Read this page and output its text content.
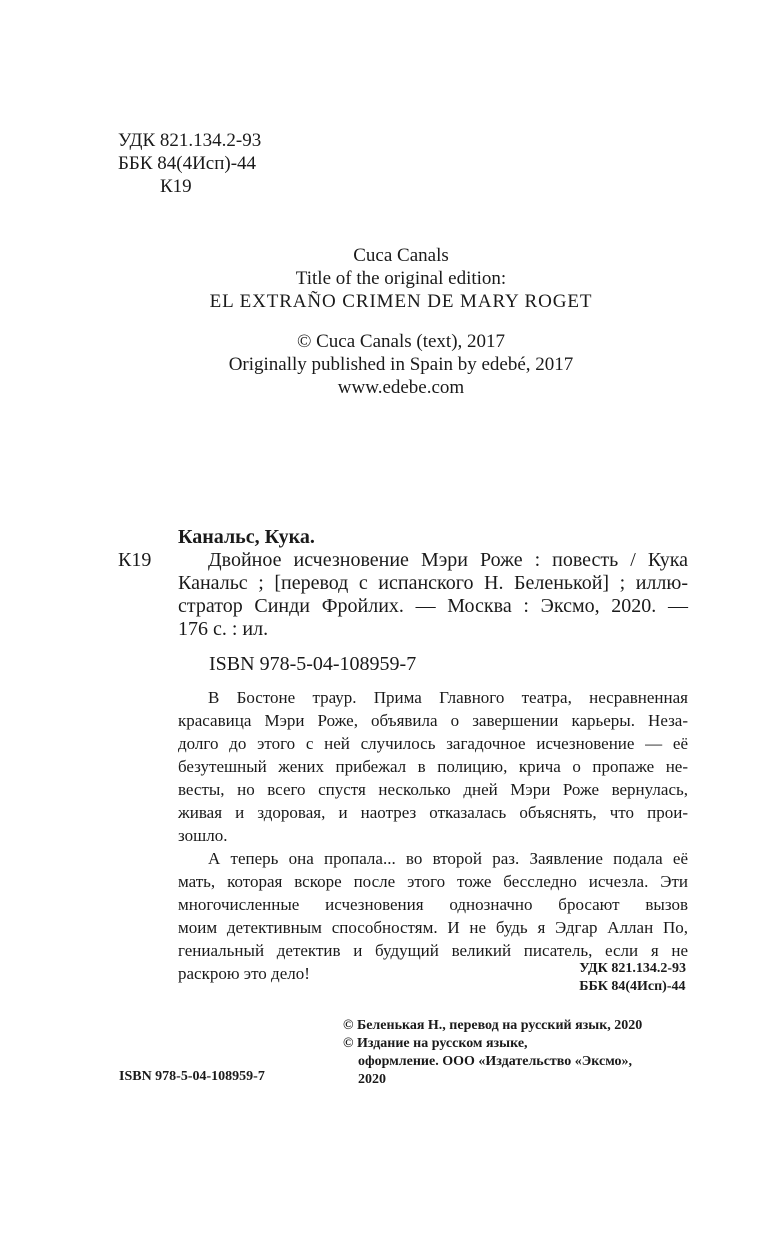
УДК 821.134.2-93
ББК 84(4Исп)-44
К19
Cuca Canals
Title of the original edition:
EL EXTRAÑO CRIMEN DE MARY ROGET
© Cuca Canals (text), 2017
Originally published in Spain by edebé, 2017
www.edebe.com
Канальс, Кука.
К19	Двойное исчезновение Мэри Роже : повесть / Кука
Канальс ; [перевод с испанского Н. Беленькой] ; иллю-
стратор Синди Фройлих. — Москва : Эксмо, 2020. —
176 с. : ил.
ISBN 978-5-04-108959-7
В Бостоне траур. Прима Главного театра, несравненная
красавица Мэри Роже, объявила о завершении карьеры. Неза-
долго до этого с ней случилось загадочное исчезновение — её
безутешный жених прибежал в полицию, крича о пропаже не-
весты, но всего спустя несколько дней Мэри Роже вернулась,
живая и здоровая, и наотрез отказалась объяснять, что прои-
зошло.
А теперь она пропала... во второй раз. Заявление подала её
мать, которая вскоре после этого тоже бесследно исчезла. Эти
многочисленные исчезновения однозначно бросают вызов
моим детективным способностям. И не будь я Эдгар Аллан По,
гениальный детектив и будущий великий писатель, если я не
раскрою это дело!	УДК 821.134.2-93
ББК 84(4Исп)-44
© Беленькая Н., перевод на русский язык, 2020
© Издание на русском языке,
оформление. ООО «Издательство «Эксмо»,
2020
ISBN 978-5-04-108959-7
